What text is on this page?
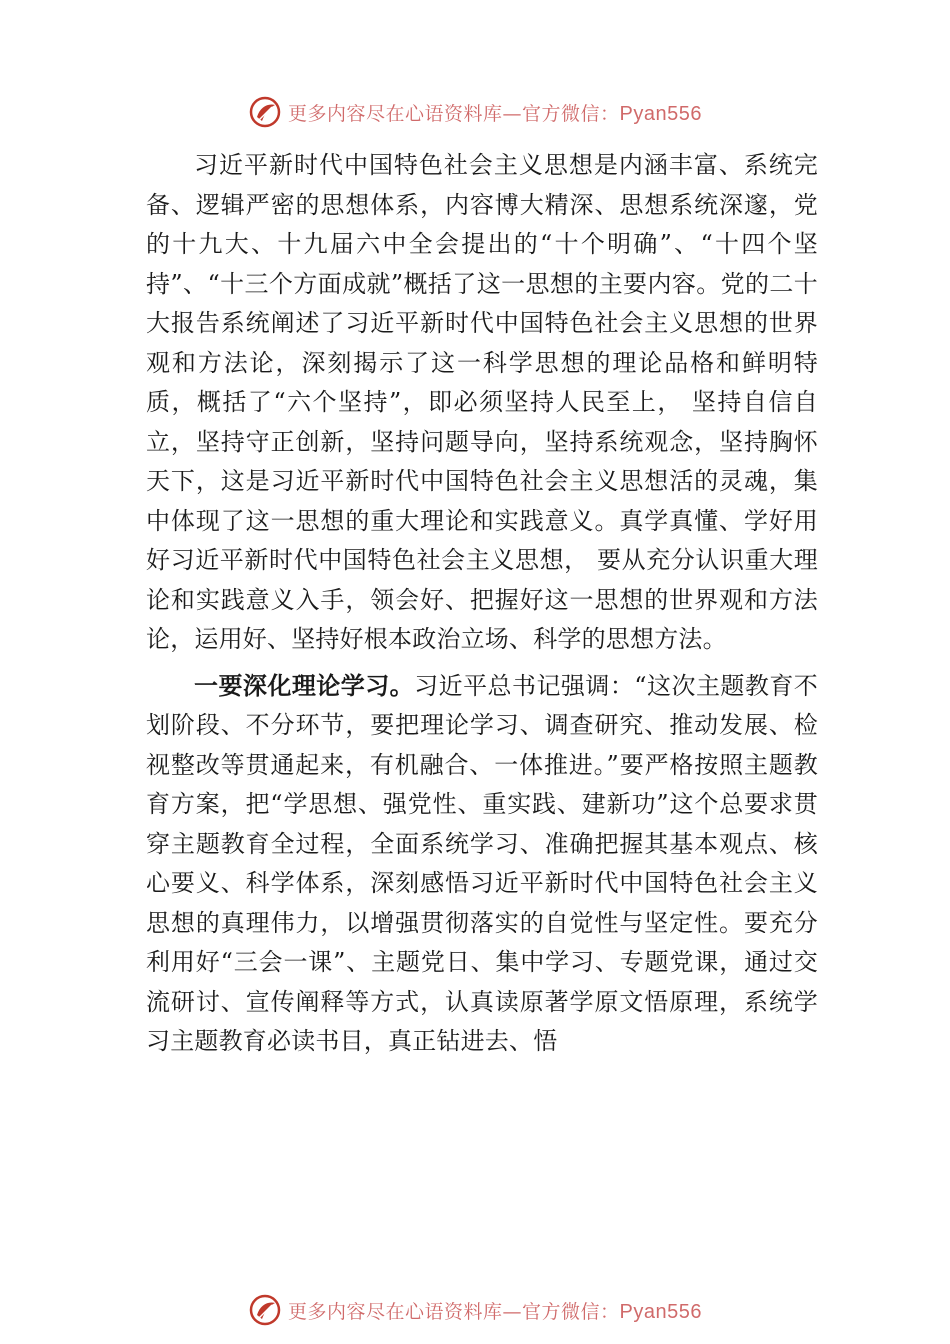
更多内容尽在心语资料库—官方微信：Pyan556

习近平新时代中国特色社会主义思想是内涵丰富、系统完备、逻辑严密的思想体系，内容博大精深、思想系统深邃，党的十九大、十九届六中全会提出的“十个明确”、“十四个坚持”、“十三个方面成就”概括了这一思想的主要内容。党的二十大报告系统阐述了习近平新时代中国特色社会主义思想的世界观和方法论，深刻揭示了这一科学思想的理论品格和鲜明特质，概括了“六个坚持”，即必须坚持人民至上， 坚持自信自立，坚持守正创新，坚持问题导向，坚持系统观念，坚持胸怀天下，这是习近平新时代中国特色社会主义思想活的灵魂，集中体现了这一思想的重大理论和实践意义。真学真懂、学好用好习近平新时代中国特色社会主义思想， 要从充分认识重大理论和实践意义入手，领会好、把握好这一思想的世界观和方法论，运用好、坚持好根本政治立场、科学的思想方法。

一要深化理论学习。习近平总书记强调：“这次主题教育不划阶段、不分环节，要把理论学习、调查研究、推动发展、检视整改等贯通起来，有机融合、一体推进。”要严格按照主题教育方案，把“学思想、强党性、重实践、建新功”这个总要求贯穿主题教育全过程，全面系统学习、准确把握其基本观点、核心要义、科学体系，深刻感悟习近平新时代中国特色社会主义思想的真理伟力，以增强贯彻落实的自觉性与坚定性。要充分利用好“三会一课”、主题党日、集中学习、专题党课，通过交流研讨、宣传阐释等方式，认真读原著学原文悟原理，系统学习主题教育必读书目，真正钻进去、悟

更多内容尽在心语资料库—官方微信：Pyan556
